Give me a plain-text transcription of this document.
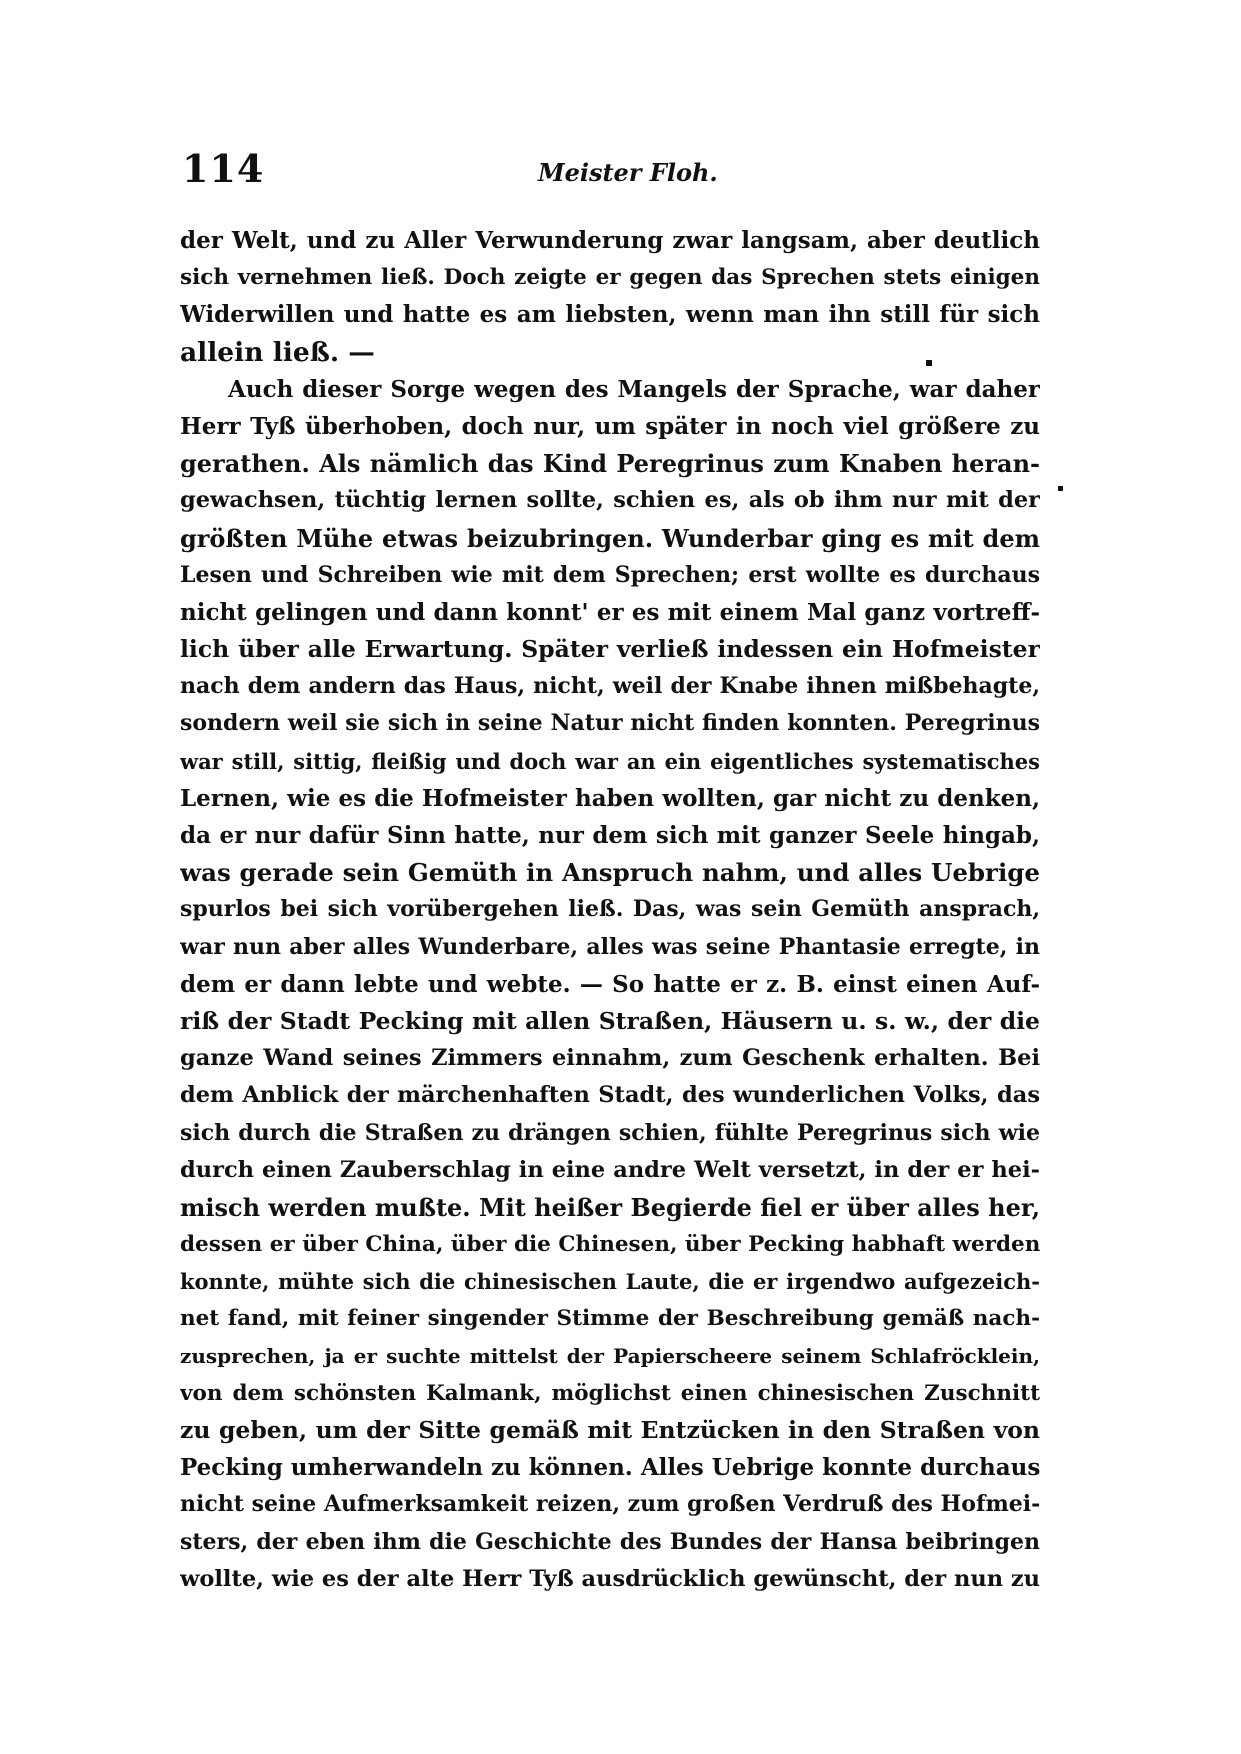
114	Meister Floh.
der Welt, und zu Aller Verwunderung zwar langsam, aber deutlich
sich vernehmen ließ. Doch zeigte er gegen das Sprechen stets einigen
Widerwillen und hatte es am liebsten, wenn man ihn still für sich
allein ließ. —
Auch dieser Sorge wegen des Mangels der Sprache, war daher
Herr Tyß überhoben, doch nur, um später in noch viel größere zu
gerathen. Als nämlich das Kind Peregrinus zum Knaben heran-
gewachsen, tüchtig lernen sollte, schien es, als ob ihm nur mit der
größten Mühe etwas beizubringen. Wunderbar ging es mit dem
Lesen und Schreiben wie mit dem Sprechen; erst wollte es durchaus
nicht gelingen und dann konnt' er es mit einem Mal ganz vortreff-
lich über alle Erwartung. Später verließ indessen ein Hofmeister
nach dem andern das Haus, nicht, weil der Knabe ihnen mißbehagte,
sondern weil sie sich in seine Natur nicht finden konnten. Peregrinus
war still, sittig, fleißig und doch war an ein eigentliches systematisches
Lernen, wie es die Hofmeister haben wollten, gar nicht zu denken,
da er nur dafür Sinn hatte, nur dem sich mit ganzer Seele hingab,
was gerade sein Gemüth in Anspruch nahm, und alles Uebrige
spurlos bei sich vorübergehen ließ. Das, was sein Gemüth ansprach,
war nun aber alles Wunderbare, alles was seine Phantasie erregte, in
dem er dann lebte und webte. — So hatte er z. B. einst einen Auf-
riß der Stadt Pecking mit allen Straßen, Häusern u. s. w., der die
ganze Wand seines Zimmers einnahm, zum Geschenk erhalten. Bei
dem Anblick der märchenhaften Stadt, des wunderlichen Volks, das
sich durch die Straßen zu drängen schien, fühlte Peregrinus sich wie
durch einen Zauberschlag in eine andre Welt versetzt, in der er hei-
misch werden mußte. Mit heißer Begierde fiel er über alles her,
dessen er über China, über die Chinesen, über Pecking habhaft werden
konnte, mühte sich die chinesischen Laute, die er irgendwo aufgezeich-
net fand, mit feiner singender Stimme der Beschreibung gemäß nach-
zusprechen, ja er suchte mittelst der Papierscheere seinem Schlafröcklein,
von dem schönsten Kalmank, möglichst einen chinesischen Zuschnitt
zu geben, um der Sitte gemäß mit Entzücken in den Straßen von
Pecking umherwandeln zu können. Alles Uebrige konnte durchaus
nicht seine Aufmerksamkeit reizen, zum großen Verdruß des Hofmei-
sters, der eben ihm die Geschichte des Bundes der Hansa beibringen
wollte, wie es der alte Herr Tyß ausdrücklich gewünscht, der nun zu
